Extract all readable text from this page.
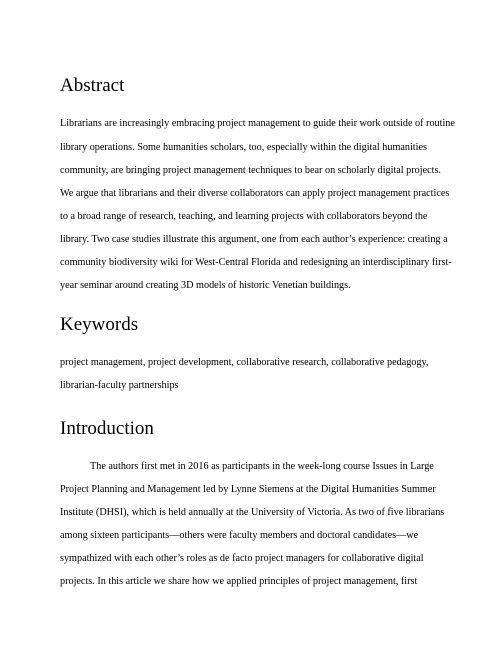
Abstract

Librarians are increasingly embracing project management to guide their work outside of routine

library operations. Some humanities scholars, too, especially within the digital humanities

community, are bringing project management techniques to bear on scholarly digital projects.

We argue that librarians and their diverse collaborators can apply project management practices

to a broad range of research, teaching, and learning projects with collaborators beyond the

library. Two case studies illustrate this argument, one from each author’s experience: creating a

community biodiversity wiki for West-Central Florida and redesigning an interdisciplinary first-

year seminar around creating 3D models of historic Venetian buildings.

Keywords

project management, project development, collaborative research, collaborative pedagogy,

librarian-faculty partnerships

Introduction

The authors first met in 2016 as participants in the week-long course Issues in Large

Project Planning and Management led by Lynne Siemens at the Digital Humanities Summer

Institute (DHSI), which is held annually at the University of Victoria. As two of five librarians

among sixteen participants—others were faculty members and doctoral candidates—we

sympathized with each other’s roles as de facto project managers for collaborative digital

projects. In this article we share how we applied principles of project management, first
